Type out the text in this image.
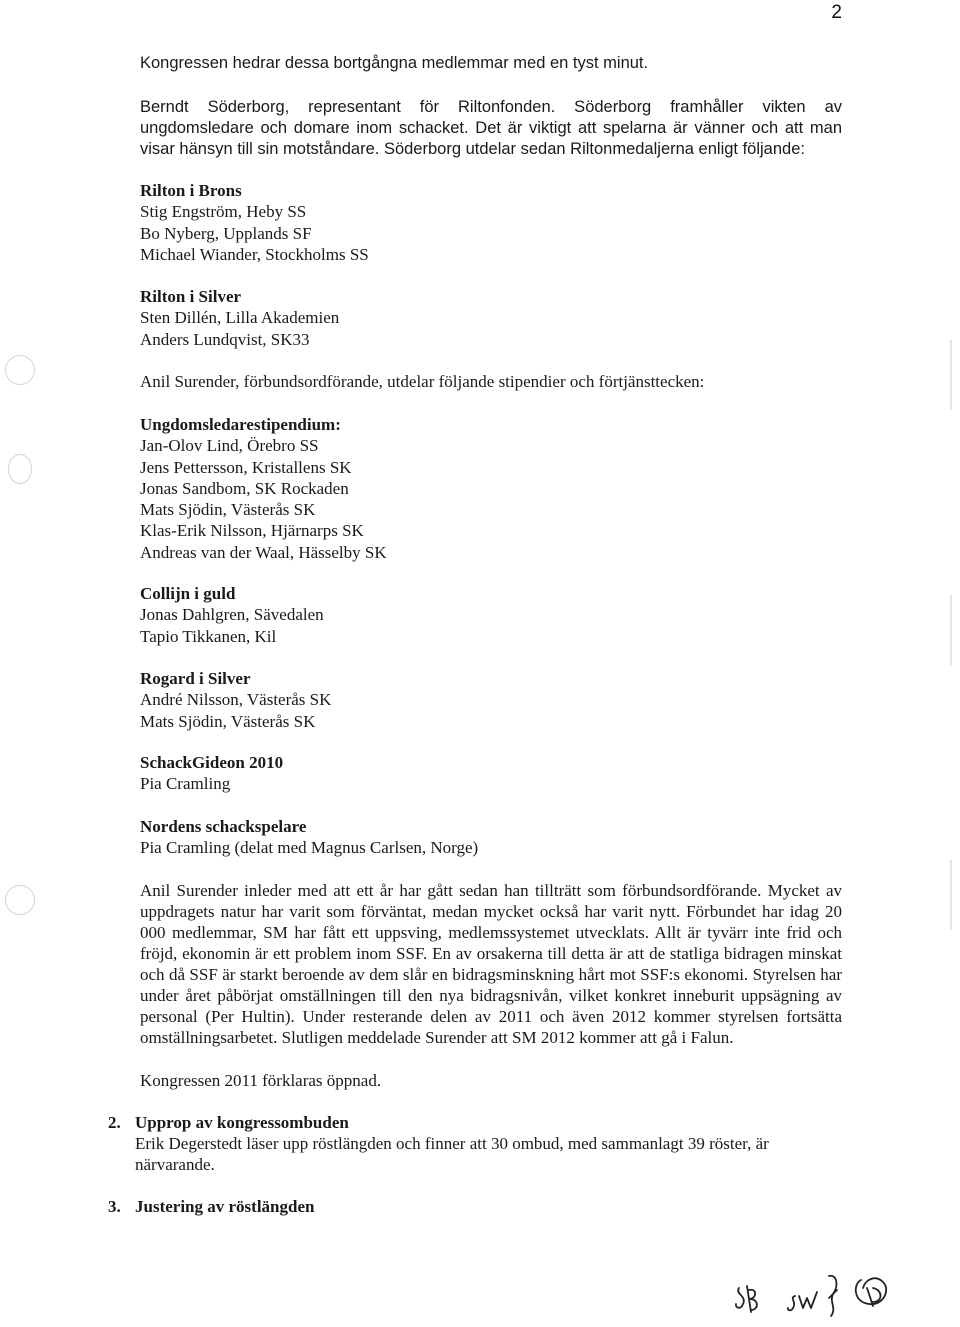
2

Kongressen hedrar dessa bortgångna medlemmar med en tyst minut.

Berndt Söderborg, representant för Riltonfonden. Söderborg framhåller vikten av ungdomsledare och domare inom schacket. Det är viktigt att spelarna är vänner och att man visar hänsyn till sin motståndare. Söderborg utdelar sedan Riltonmedaljerna enligt följande:

Rilton i Brons
Stig Engström, Heby SS
Bo Nyberg, Upplands SF
Michael Wiander, Stockholms SS
Rilton i Silver
Sten Dillén, Lilla Akademien
Anders Lundqvist, SK33

Anil Surender, förbundsordförande, utdelar följande stipendier och förtjänsttecken:

Ungdomsledarestipendium:
Jan-Olov Lind, Örebro SS
Jens Pettersson, Kristallens SK
Jonas Sandbom, SK Rockaden
Mats Sjödin, Västerås SK
Klas-Erik Nilsson, Hjärnarps SK
Andreas van der Waal, Hässelby SK
Collijn i guld
Jonas Dahlgren, Sävedalen
Tapio Tikkanen, Kil
Rogard i Silver
André Nilsson, Västerås SK
Mats Sjödin, Västerås SK
SchackGideon 2010
Pia Cramling
Nordens schackspelare
Pia Cramling (delat med Magnus Carlsen, Norge)

Anil Surender inleder med att ett år har gått sedan han tillträtt som förbundsordförande. Mycket av uppdragets natur har varit som förväntat, medan mycket också har varit nytt. Förbundet har idag 20 000 medlemmar, SM har fått ett uppsving, medlemssystemet utvecklats. Allt är tyvärr inte frid och fröjd, ekonomin är ett problem inom SSF. En av orsakerna till detta är att de statliga bidragen minskat och då SSF är starkt beroende av dem slår en bidragsminskning hårt mot SSF:s ekonomi. Styrelsen har under året påbörjat omställningen till den nya bidragsnivån, vilket konkret inneburit uppsägning av personal (Per Hultin). Under resterande delen av 2011 och även 2012 kommer styrelsen fortsätta omställningsarbetet. Slutligen meddelade Surender att SM 2012 kommer att gå i Falun.

Kongressen 2011 förklaras öppnad.

2. Upprop av kongressombuden
Erik Degerstedt läser upp röstlängden och finner att 30 ombud, med sammanlagt 39 röster, är närvarande.
3. Justering av röstlängden
